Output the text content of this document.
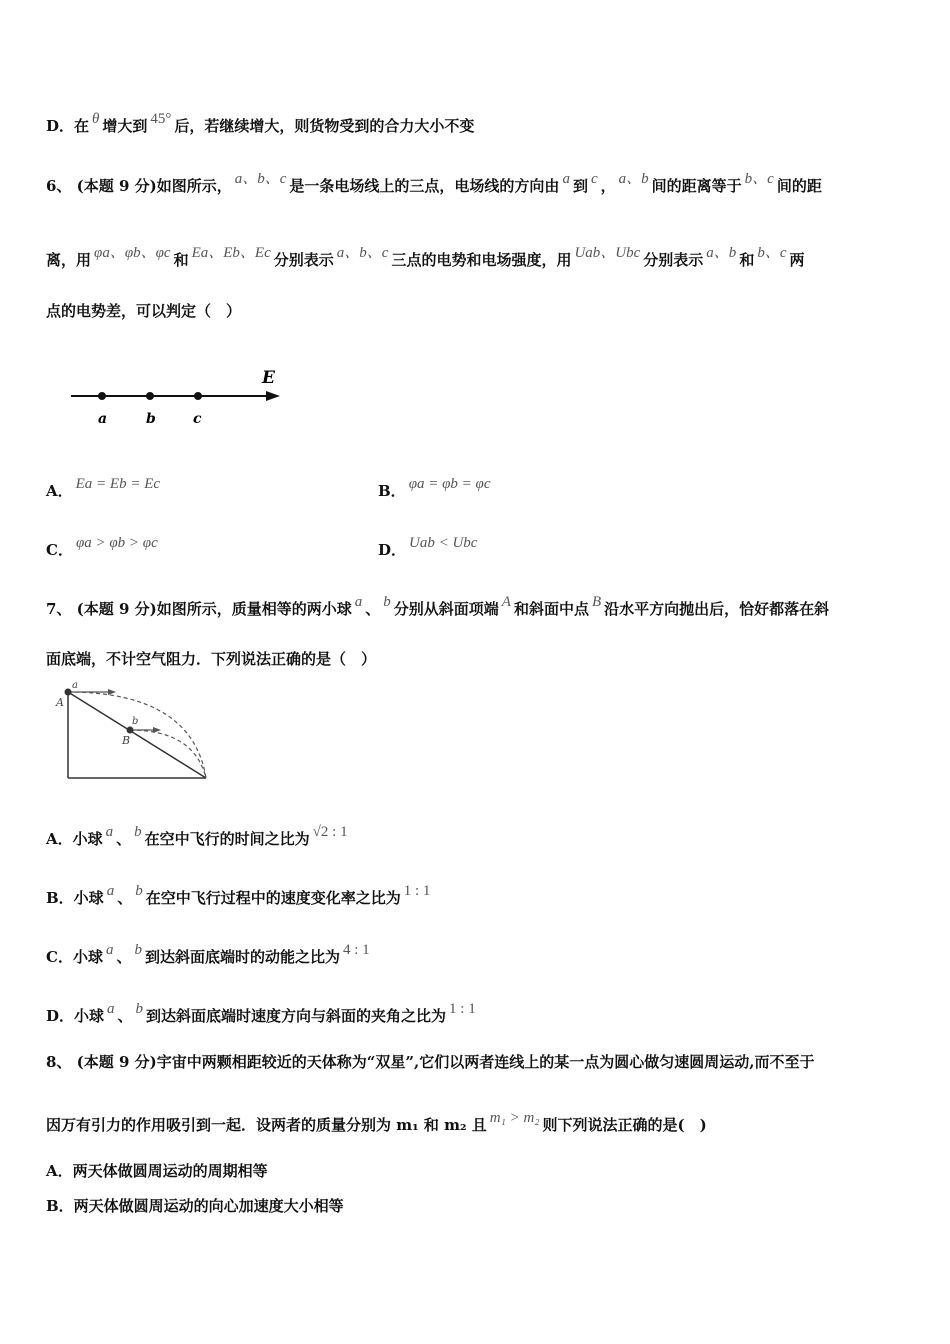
D．在 θ 增大到 45° 后，若继续增大，则货物受到的合力大小不变
6、 (本题 9 分)如图所示， a、b、c 是一条电场线上的三点，电场线的方向由 a 到 c ， a、b 间的距离等于 b、c 间的距
离，用 φa、φb、φc 和 Ea、Eb、Ec 分别表示 a、b、c 三点的电势和电场强度，用 Uab、Ubc 分别表示 a、b 和 b、c 两
点的电势差，可以判定（　）
E
a	b	c
A． Ea = Eb = Ec	B． φa = φb = φc
C． φa > φb > φc	D． Uab < Ubc
7、 (本题 9 分)如图所示，质量相等的两小球 a 、 b 分别从斜面项端 A 和斜面中点 B 沿水平方向抛出后，恰好都落在斜
面底端，不计空气阻力．下列说法正确的是（　）
a
A
b
B
A．小球 a 、 b 在空中飞行的时间之比为 √2 : 1
B．小球 a 、 b 在空中飞行过程中的速度变化率之比为 1 : 1
C．小球 a 、 b 到达斜面底端时的动能之比为 4 : 1
D．小球 a 、 b 到达斜面底端时速度方向与斜面的夹角之比为 1 : 1
8、 (本题 9 分)宇宙中两颗相距较近的天体称为“双星”,它们以两者连线上的某一点为圆心做匀速圆周运动,而不至于
因万有引力的作用吸引到一起．设两者的质量分别为 m₁ 和 m₂ 且 m₁ > m₂ 则下列说法正确的是(　)
A．两天体做圆周运动的周期相等
B．两天体做圆周运动的向心加速度大小相等
